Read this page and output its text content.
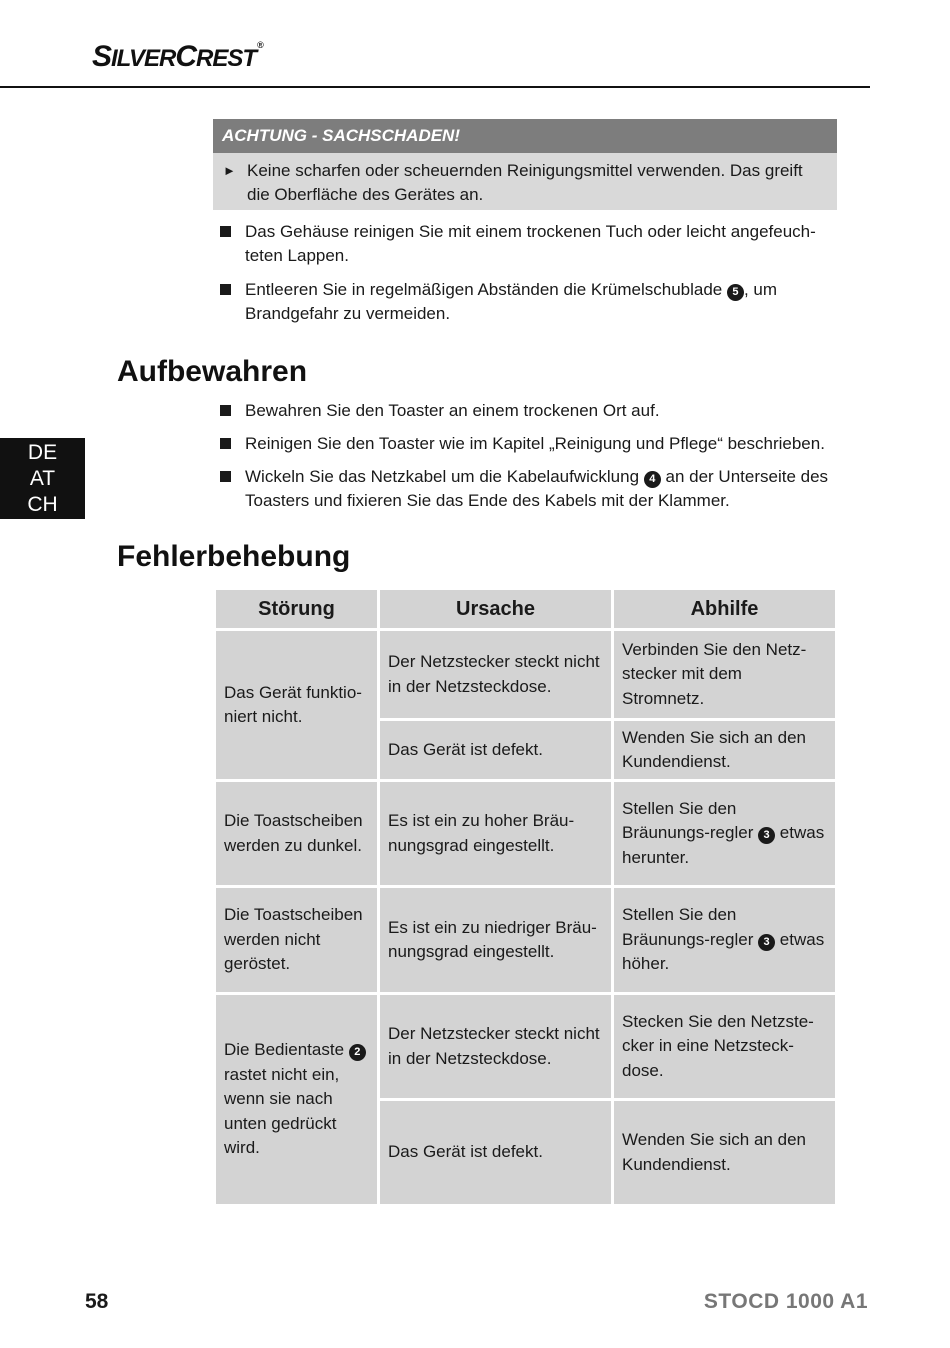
SILVERCREST®
ACHTUNG - SACHSCHADEN!
► Keine scharfen oder scheuernden Reinigungsmittel verwenden. Das greift die Oberfläche des Gerätes an.
Das Gehäuse reinigen Sie mit einem trockenen Tuch oder leicht angefeuch-teten Lappen.
Entleeren Sie in regelmäßigen Abständen die Krümelschublade 5 , um Brandgefahr zu vermeiden.
Aufbewahren
Bewahren Sie den Toaster an einem trockenen Ort auf.
Reinigen Sie den Toaster wie im Kapitel „Reinigung und Pflege“ beschrieben.
Wickeln Sie das Netzkabel um die Kabelaufwicklung 4 an der Unterseite des Toasters und fixieren Sie das Ende des Kabels mit der Klammer.
DE
AT
CH
Fehlerbehebung
Störung	Ursache	Abhilfe
Das Gerät funktio-niert nicht.	Der Netzstecker steckt nicht in der Netzsteckdose.	Verbinden Sie den Netz-stecker mit dem Stromnetz.
	Das Gerät ist defekt.	Wenden Sie sich an den Kundendienst.
Die Toastscheiben werden zu dunkel.	Es ist ein zu hoher Bräu-nungsgrad eingestellt.	Stellen Sie den Bräunungs-regler 3 etwas herunter.
Die Toastscheiben werden nicht geröstet.	Es ist ein zu niedriger Bräu-nungsgrad eingestellt.	Stellen Sie den Bräunungs-regler 3 etwas höher.
Die Bedientaste 2 rastet nicht ein, wenn sie nach unten gedrückt wird.	Der Netzstecker steckt nicht in der Netzsteckdose.	Stecken Sie den Netzste-cker in eine Netzsteck-dose.
	Das Gerät ist defekt.	Wenden Sie sich an den Kundendienst.
58	STOCD 1000 A1
